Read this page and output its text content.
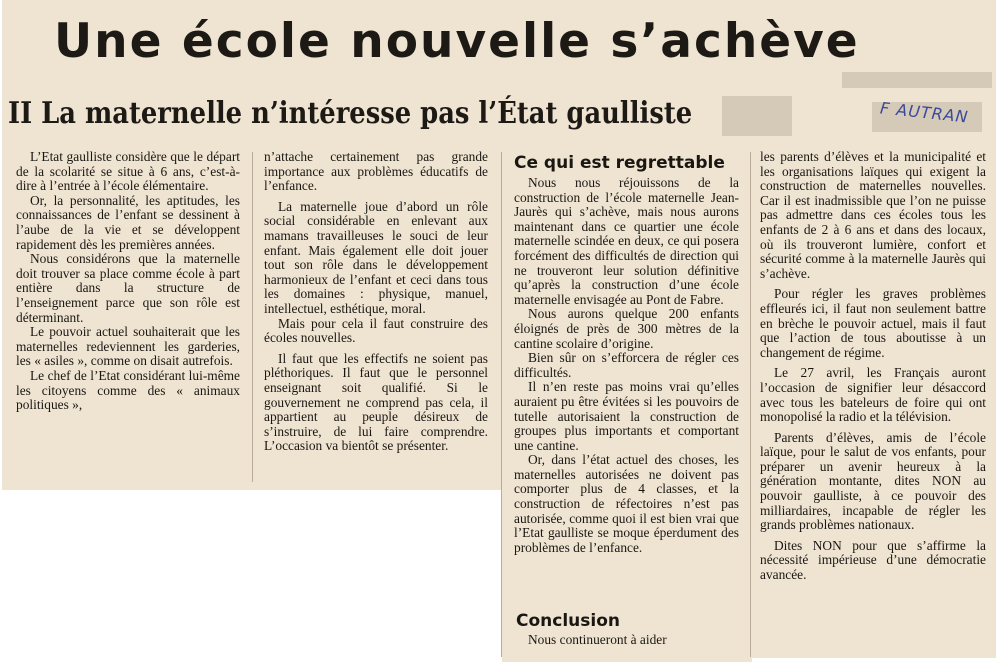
Une école nouvelle s’achève
II La maternelle n’intéresse pas l’État gaulliste	F AUTRAN

L’Etat gaulliste considère que le départ de la scolarité se situe à 6 ans, c’est-à-dire à l’entrée à l’école élémentaire.

Or, la personnalité, les aptitudes, les connaissances de l’enfant se dessinent à l’aube de la vie et se développent rapidement dès les premières années.

Nous considérons que la maternelle doit trouver sa place comme école à part entière dans la structure de l’enseignement parce que son rôle est déterminant.

Le pouvoir actuel souhaiterait que les maternelles redeviennent les garderies, les « asiles », comme on disait autrefois.

Le chef de l’Etat considérant lui-même les citoyens comme des « animaux politiques »,

n’attache certainement pas grande importance aux problèmes éducatifs de l’enfance.

La maternelle joue d’abord un rôle social considérable en enlevant aux mamans travailleuses le souci de leur enfant. Mais également elle doit jouer tout son rôle dans le développement harmonieux de l’enfant et ceci dans tous les domaines : physique, manuel, intellectuel, esthétique, moral.

Mais pour cela il faut construire des écoles nouvelles.

Il faut que les effectifs ne soient pas pléthoriques. Il faut que le personnel enseignant soit qualifié. Si le gouvernement ne comprend pas cela, il appartient au peuple désireux de s’instruire, de lui faire comprendre. L’occasion va bientôt se présenter.

Ce qui est regrettable

Nous nous réjouissons de la construction de l’école maternelle Jean-Jaurès qui s’achève, mais nous aurons maintenant dans ce quartier une école maternelle scindée en deux, ce qui posera forcément des difficultés de direction qui ne trouveront leur solution définitive qu’après la construction d’une école maternelle envisagée au Pont de Fabre.

Nous aurons quelque 200 enfants éloignés de près de 300 mètres de la cantine scolaire d’origine.

Bien sûr on s’efforcera de régler ces difficultés.

Il n’en reste pas moins vrai qu’elles auraient pu être évitées si les pouvoirs de tutelle autorisaient la construction de groupes plus importants et comportant une cantine.

Or, dans l’état actuel des choses, les maternelles autorisées ne doivent pas comporter plus de 4 classes, et la construction de réfectoires n’est pas autorisée, comme quoi il est bien vrai que l’Etat gaulliste se moque éperdument des problèmes de l’enfance.

Conclusion

Nous continueront à aider

les parents d’élèves et la municipalité et les organisations laïques qui exigent la construction de maternelles nouvelles. Car il est inadmissible que l’on ne puisse pas admettre dans ces écoles tous les enfants de 2 à 6 ans et dans des locaux, où ils trouveront lumière, confort et sécurité comme à la maternelle Jaurès qui s’achève.

Pour régler les graves problèmes effleurés ici, il faut non seulement battre en brèche le pouvoir actuel, mais il faut que l’action de tous aboutisse à un changement de régime.

Le 27 avril, les Français auront l’occasion de signifier leur désaccord avec tous les bateleurs de foire qui ont monopolisé la radio et la télévision.

Parents d’élèves, amis de l’école laïque, pour le salut de vos enfants, pour préparer un avenir heureux à la génération montante, dites NON au pouvoir gaulliste, à ce pouvoir des milliardaires, incapable de régler les grands problèmes nationaux.

Dites NON pour que s’affirme la nécessité impérieuse d’une démocratie avancée.
